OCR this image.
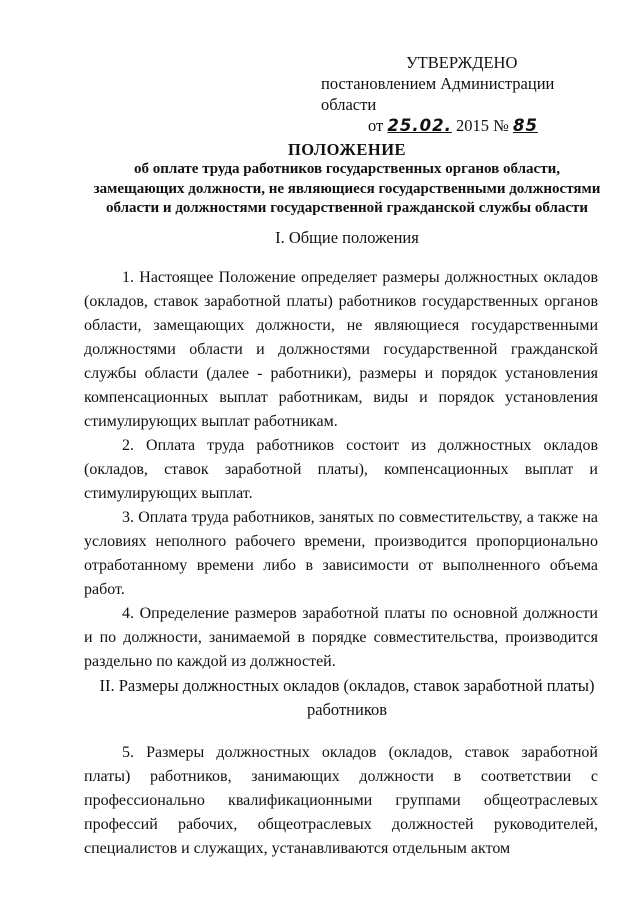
УТВЕРЖДЕНО
постановлением Администрации области
от 25.02. 2015 № 85
ПОЛОЖЕНИЕ
об оплате труда работников государственных органов области,
замещающих должности, не являющиеся государственными должностями
области и должностями государственной гражданской службы области
I. Общие положения

1. Настоящее Положение определяет размеры должностных окладов (окладов, ставок заработной платы) работников государственных органов области, замещающих должности, не являющиеся государственными должностями области и должностями государственной гражданской службы области (далее - работники), размеры и порядок установления компенсационных выплат работникам, виды и порядок установления стимулирующих выплат работникам.

2. Оплата труда работников состоит из должностных окладов (окладов, ставок заработной платы), компенсационных выплат и стимулирующих выплат.

3. Оплата труда работников, занятых по совместительству, а также на условиях неполного рабочего времени, производится пропорционально отработанному времени либо в зависимости от выполненного объема работ.

4. Определение размеров заработной платы по основной должности и по должности, занимаемой в порядке совместительства, производится раздельно по каждой из должностей.

II. Размеры должностных окладов (окладов, ставок заработной платы)
работников

5. Размеры должностных окладов (окладов, ставок заработной платы) работников, занимающих должности в соответствии с профессионально квалификационными группами общеотраслевых профессий рабочих, общеотраслевых должностей руководителей, специалистов и служащих, устанавливаются отдельным актом
